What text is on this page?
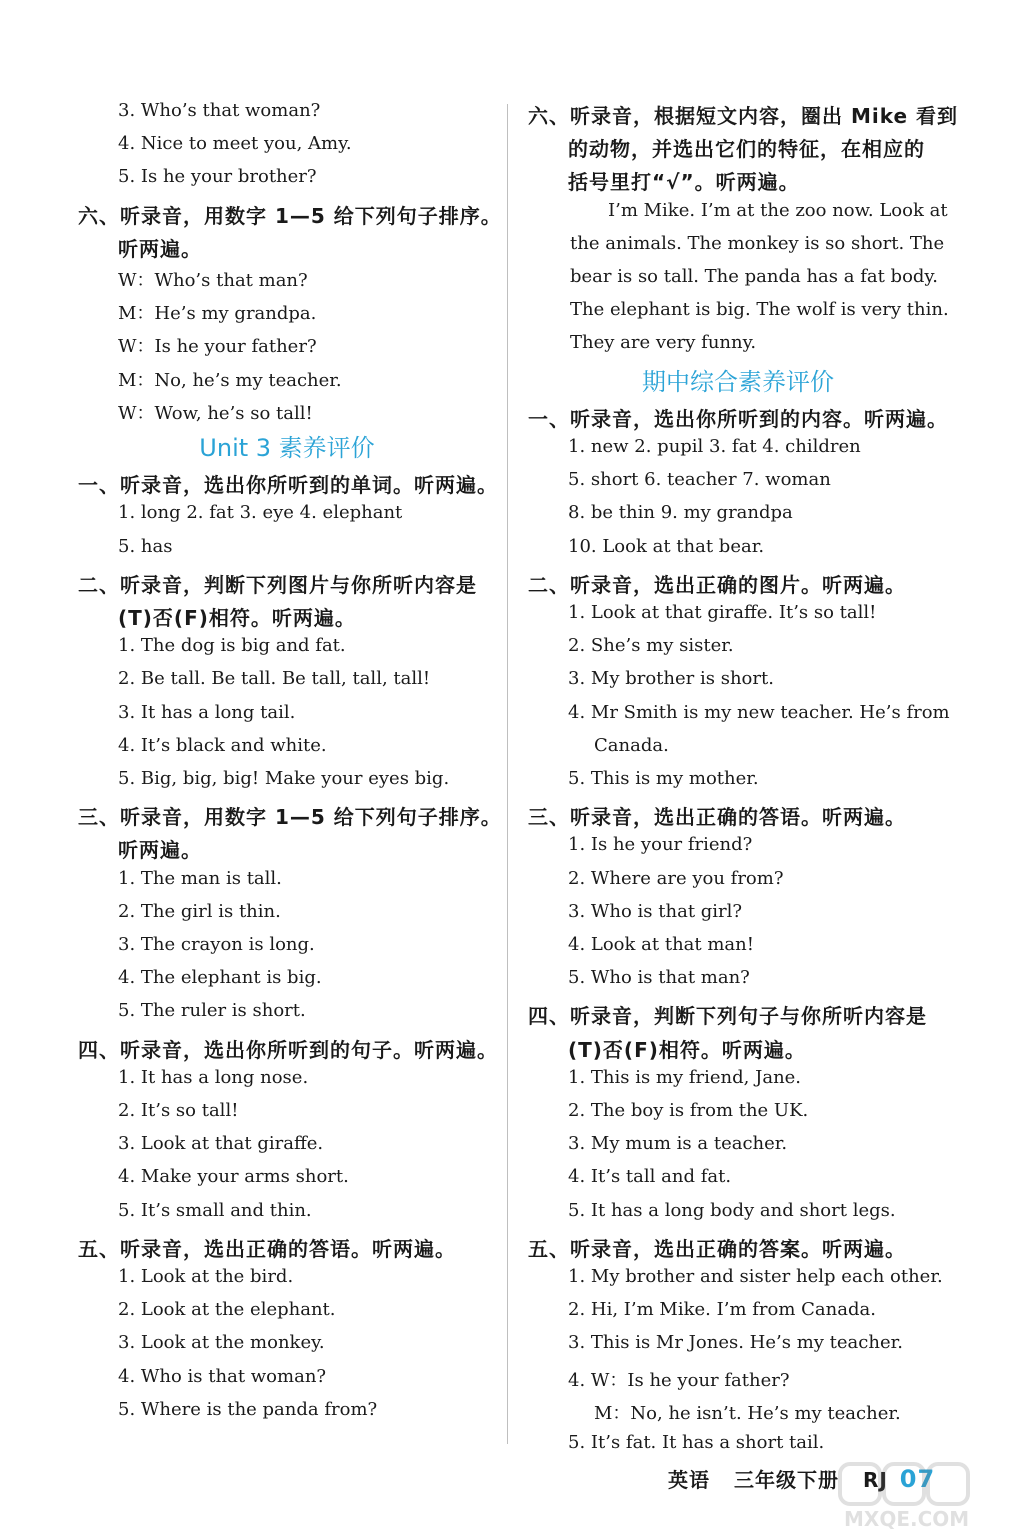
3. Who’s that woman?
4. Nice to meet you, Amy.
5. Is he your brother?
六、听录音，用数字 1—5 给下列句子排序。
听两遍。
W：Who’s that man?
M：He’s my grandpa.
W：Is he your father?
M：No, he’s my teacher.
W：Wow, he’s so tall!
Unit 3 素养评价
一、听录音，选出你所听到的单词。听两遍。
1. long 2. fat 3. eye 4. elephant
5. has
二、听录音，判断下列图片与你所听内容是
(T)否(F)相符。听两遍。
1. The dog is big and fat.
2. Be tall. Be tall. Be tall, tall, tall!
3. It has a long tail.
4. It’s black and white.
5. Big, big, big! Make your eyes big.
三、听录音，用数字 1—5 给下列句子排序。
听两遍。
1. The man is tall.
2. The girl is thin.
3. The crayon is long.
4. The elephant is big.
5. The ruler is short.
四、听录音，选出你所听到的句子。听两遍。
1. It has a long nose.
2. It’s so tall!
3. Look at that giraffe.
4. Make your arms short.
5. It’s small and thin.
五、听录音，选出正确的答语。听两遍。
1. Look at the bird.
2. Look at the elephant.
3. Look at the monkey.
4. Who is that woman?
5. Where is the panda from?
六、听录音，根据短文内容，圈出 Mike 看到
的动物，并选出它们的特征，在相应的
括号里打“√”。听两遍。
I’m Mike. I’m at the zoo now. Look at
the animals. The monkey is so short. The
bear is so tall. The panda has a fat body.
The elephant is big. The wolf is very thin.
They are very funny.
期中综合素养评价
一、听录音，选出你所听到的内容。听两遍。
1. new 2. pupil 3. fat 4. children
5. short 6. teacher 7. woman
8. be thin 9. my grandpa
10. Look at that bear.
二、听录音，选出正确的图片。听两遍。
1. Look at that giraffe. It’s so tall!
2. She’s my sister.
3. My brother is short.
4. Mr Smith is my new teacher. He’s from
Canada.
5. This is my mother.
三、听录音，选出正确的答语。听两遍。
1. Is he your friend?
2. Where are you from?
3. Who is that girl?
4. Look at that man!
5. Who is that man?
四、听录音，判断下列句子与你所听内容是
(T)否(F)相符。听两遍。
1. This is my friend, Jane.
2. The boy is from the UK.
3. My mum is a teacher.
4. It’s tall and fat.
5. It has a long body and short legs.
五、听录音，选出正确的答案。听两遍。
1. My brother and sister help each other.
2. Hi, I’m Mike. I’m from Canada.
3. This is Mr Jones. He’s my teacher.
4. W：Is he your father?
M：No, he isn’t. He’s my teacher.
5. It’s fat. It has a short tail.
英语 三年级下册 RJ 07
MXQE.COM
